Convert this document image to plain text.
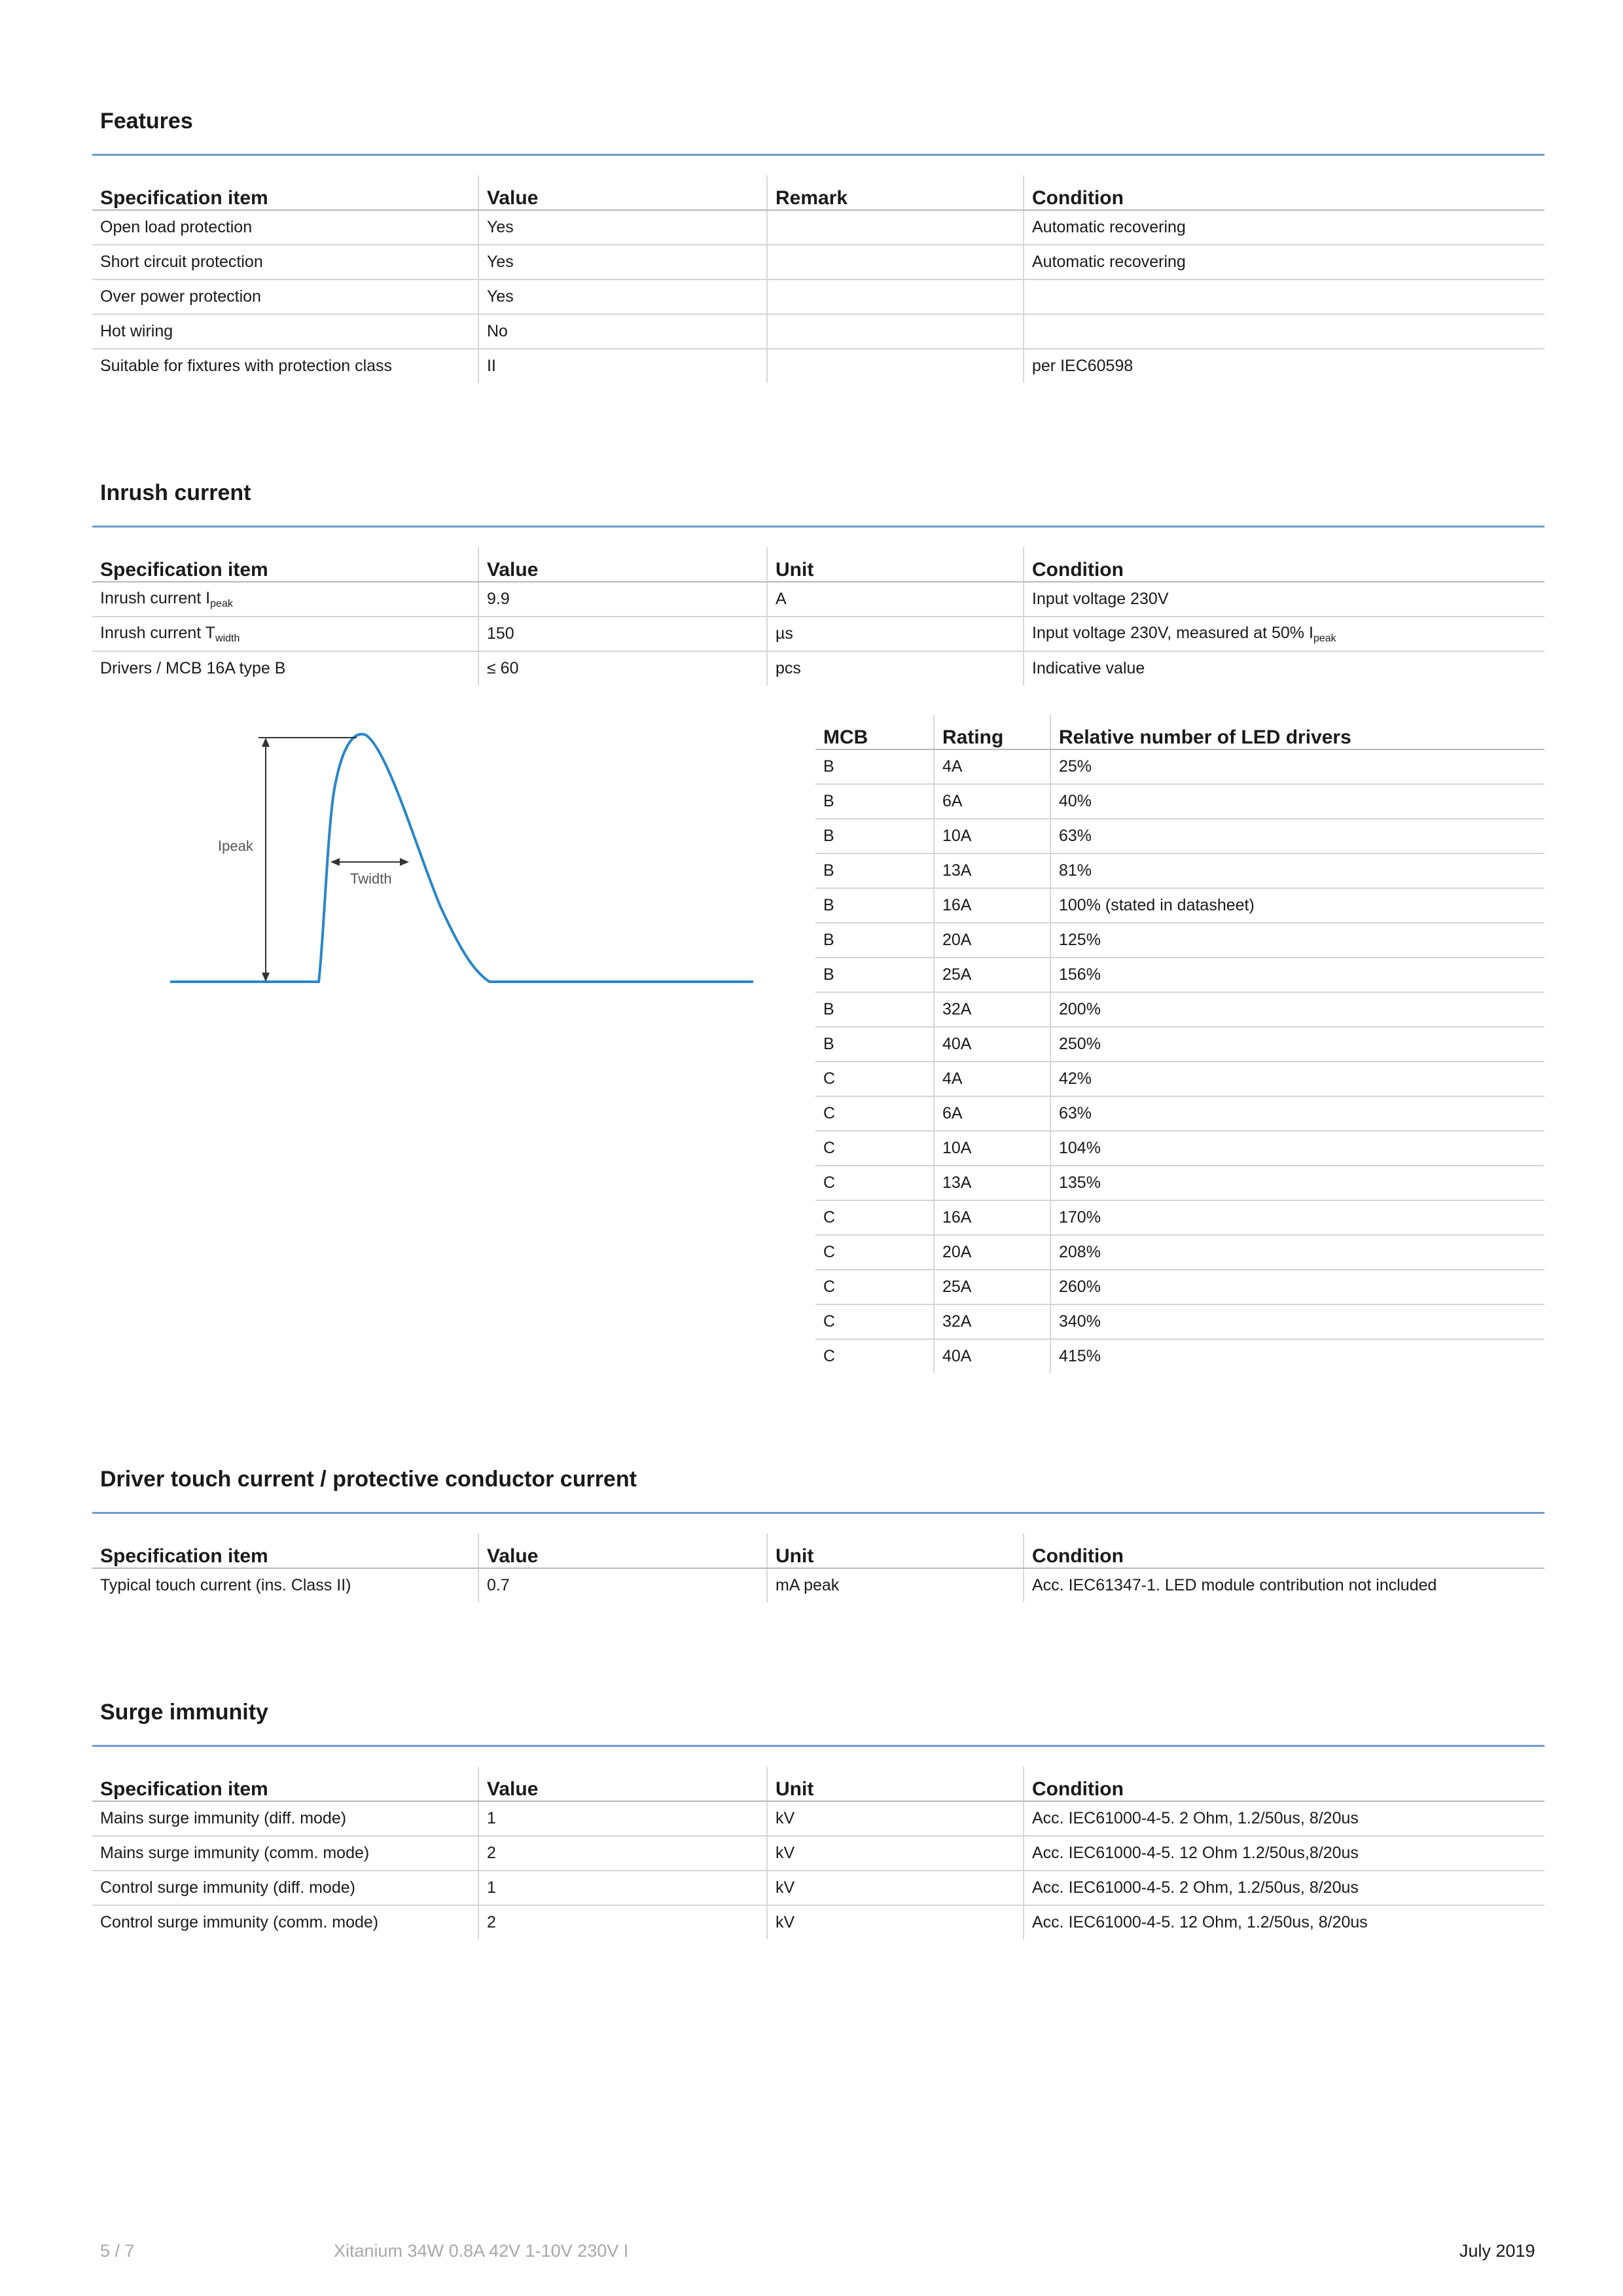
Features
Specification item	Value	Remark	Condition
Open load protection	Yes		Automatic recovering
Short circuit protection	Yes		Automatic recovering
Over power protection	Yes		
Hot wiring	No		
Suitable for fixtures with protection class	II		per IEC60598
Inrush current
Specification item	Value	Unit	Condition
Inrush current $I_{peak}$	9.9	A	Input voltage 230V
Inrush current $T_{width}$	150	µs	Input voltage 230V, measured at 50% $I_{peak}$
Drivers / MCB 16A type B	≤ 60	pcs	Indicative value
Ipeak
Twidth
MCB	Rating	Relative number of LED drivers
B	4A	25%
B	6A	40%
B	10A	63%
B	13A	81%
B	16A	100% (stated in datasheet)
B	20A	125%
B	25A	156%
B	32A	200%
B	40A	250%
C	4A	42%
C	6A	63%
C	10A	104%
C	13A	135%
C	16A	170%
C	20A	208%
C	25A	260%
C	32A	340%
C	40A	415%
Driver touch current / protective conductor current
Specification item	Value	Unit	Condition
Typical touch current (ins. Class II)	0.7	mA peak	Acc. IEC61347-1. LED module contribution not included
Surge immunity
Specification item	Value	Unit	Condition
Mains surge immunity (diff. mode)	1	kV	Acc. IEC61000-4-5. 2 Ohm, 1.2/50us, 8/20us
Mains surge immunity (comm. mode)	2	kV	Acc. IEC61000-4-5. 12 Ohm 1.2/50us,8/20us
Control surge immunity (diff. mode)	1	kV	Acc. IEC61000-4-5. 2 Ohm, 1.2/50us, 8/20us
Control surge immunity (comm. mode)	2	kV	Acc. IEC61000-4-5. 12 Ohm, 1.2/50us, 8/20us
5 / 7	Xitanium 34W 0.8A 42V 1-10V 230V I	July 2019
